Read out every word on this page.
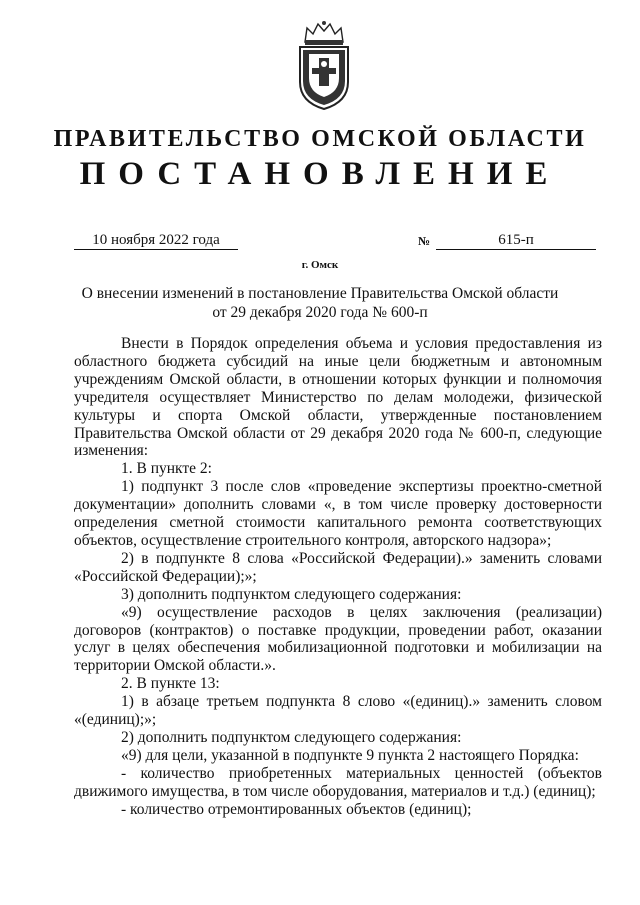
ПРАВИТЕЛЬСТВО ОМСКОЙ ОБЛАСТИ
ПОСТАНОВЛЕНИЕ
10 ноября 2022 года	№	615-п
г. Омск
О внесении изменений в постановление Правительства Омской области
от 29 декабря 2020 года № 600-п

Внести в Порядок определения объема и условия предоставления из областного бюджета субсидий на иные цели бюджетным и автономным учреждениям Омской области, в отношении которых функции и полномочия учредителя осуществляет Министерство по делам молодежи, физической культуры и спорта Омской области, утвержденные постановлением Правительства Омской области от 29 декабря 2020 года № 600-п, следующие изменения:

1. В пункте 2:

1) подпункт 3 после слов «проведение экспертизы проектно-сметной документации» дополнить словами «, в том числе проверку достоверности определения сметной стоимости капитального ремонта соответствующих объектов, осуществление строительного контроля, авторского надзора»;

2) в подпункте 8 слова «Российской Федерации).» заменить словами «Российской Федерации);»;

3) дополнить подпунктом следующего содержания:

«9) осуществление расходов в целях заключения (реализации) договоров (контрактов) о поставке продукции, проведении работ, оказании услуг в целях обеспечения мобилизационной подготовки и мобилизации на территории Омской области.».

2. В пункте 13:

1) в абзаце третьем подпункта 8 слово «(единиц).» заменить словом «(единиц);»;

2) дополнить подпунктом следующего содержания:

«9) для цели, указанной в подпункте 9 пункта 2 настоящего Порядка:

- количество приобретенных материальных ценностей (объектов движимого имущества, в том числе оборудования, материалов и т.д.) (единиц);

- количество отремонтированных объектов (единиц);
